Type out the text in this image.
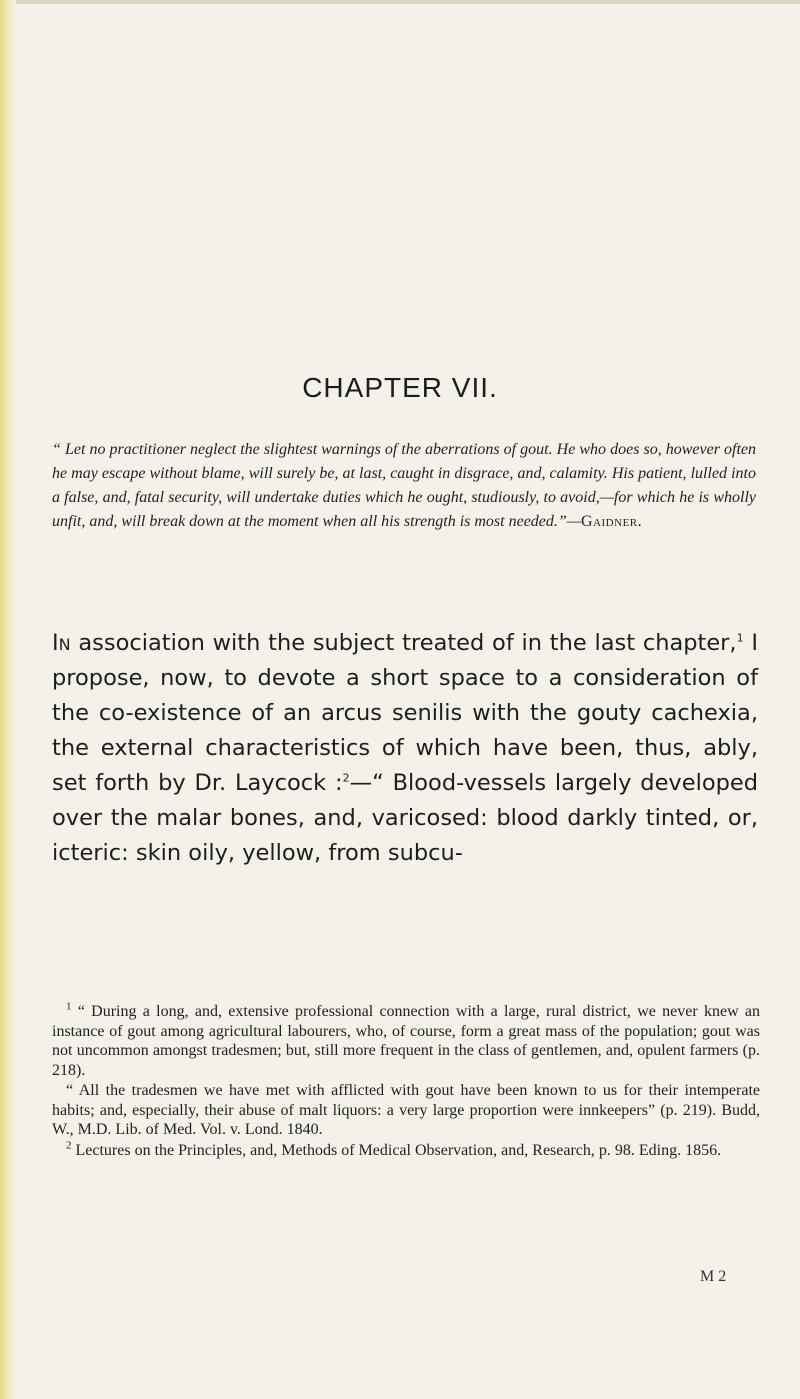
CHAPTER VII.
“ Let no practitioner neglect the slightest warnings of the aberrations of gout. He who does so, however often he may escape without blame, will surely be, at last, caught in disgrace, and, calamity. His patient, lulled into a false, and, fatal security, will undertake duties which he ought, studiously, to avoid,—for which he is wholly unfit, and, will break down at the moment when all his strength is most needed.”—Gaidner.
In association with the subject treated of in the last chapter,$^1$ I propose, now, to devote a short space to a consideration of the co-existence of an arcus senilis with the gouty cachexia, the external characteristics of which have been, thus, ably, set forth by Dr. Laycock :$^2$—“ Blood-vessels largely developed over the malar bones, and, varicosed: blood darkly tinted, or, icteric: skin oily, yellow, from subcu-

$^1$ “ During a long, and, extensive professional connection with a large, rural district, we never knew an instance of gout among agricultural labourers, who, of course, form a great mass of the population; gout was not uncommon amongst tradesmen; but, still more frequent in the class of gentlemen, and, opulent farmers (p. 218).

“ All the tradesmen we have met with afflicted with gout have been known to us for their intemperate habits; and, especially, their abuse of malt liquors: a very large proportion were innkeepers” (p. 219). Budd, W., M.D. Lib. of Med. Vol. v. Lond. 1840.

$^2$ Lectures on the Principles, and, Methods of Medical Observation, and, Research, p. 98. Eding. 1856.

M 2
